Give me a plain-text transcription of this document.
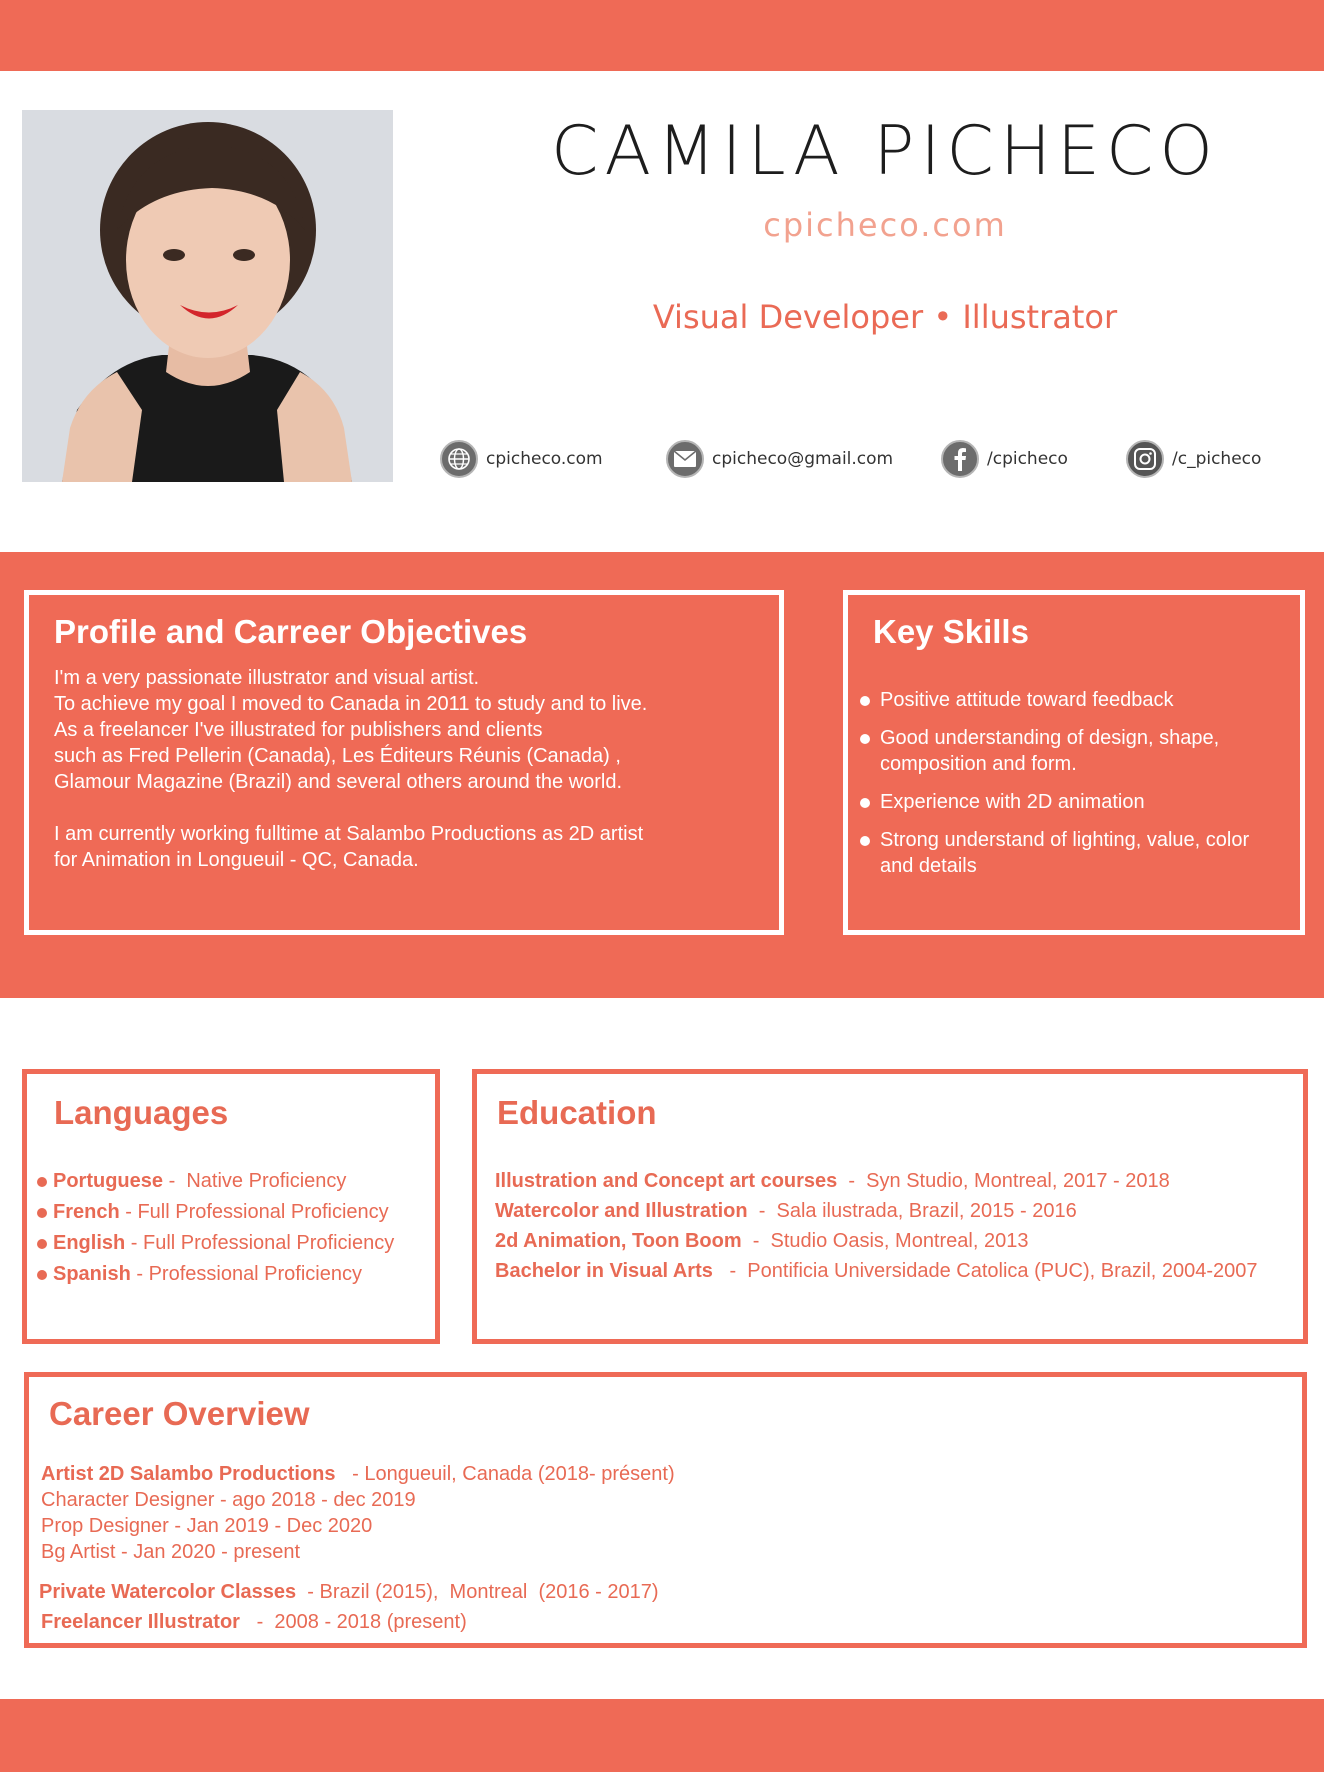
CAMILA PICHECO
cpicheco.com
Visual Developer • Illustrator
cpicheco.com	cpicheco@gmail.com	/cpicheco	/c_picheco
Profile and Carreer Objectives
I'm a very passionate illustrator and visual artist.
To achieve my goal I moved to Canada in 2011 to study and to live.
As a freelancer I've illustrated for publishers and clients
such as Fred Pellerin (Canada), Les Éditeurs Réunis (Canada) ,
Glamour Magazine (Brazil) and several others around the world.

I am currently working fulltime at Salambo Productions as 2D artist
for Animation in Longueuil - QC, Canada.
Key Skills
Positive attitude toward feedback
Good understanding of design, shape, composition and form.
Experience with 2D animation
Strong understand of lighting, value, color and details
Languages
Portuguese -  Native Proficiency
French - Full Professional Proficiency
English - Full Professional Proficiency
Spanish - Professional Proficiency
Education
Illustration and Concept art courses  -  Syn Studio, Montreal, 2017 - 2018
Watercolor and Illustration  -  Sala ilustrada, Brazil, 2015 - 2016
2d Animation, Toon Boom  -  Studio Oasis, Montreal, 2013
Bachelor in Visual Arts   -  Pontificia Universidade Catolica (PUC), Brazil, 2004-2007
Career Overview
Artist 2D Salambo Productions   - Longueuil, Canada (2018- présent)
Character Designer - ago 2018 - dec 2019
Prop Designer - Jan 2019 - Dec 2020
Bg Artist - Jan 2020 - present
Private Watercolor Classes  - Brazil (2015),  Montreal  (2016 - 2017)
Freelancer Illustrator   -  2008 - 2018 (present)
